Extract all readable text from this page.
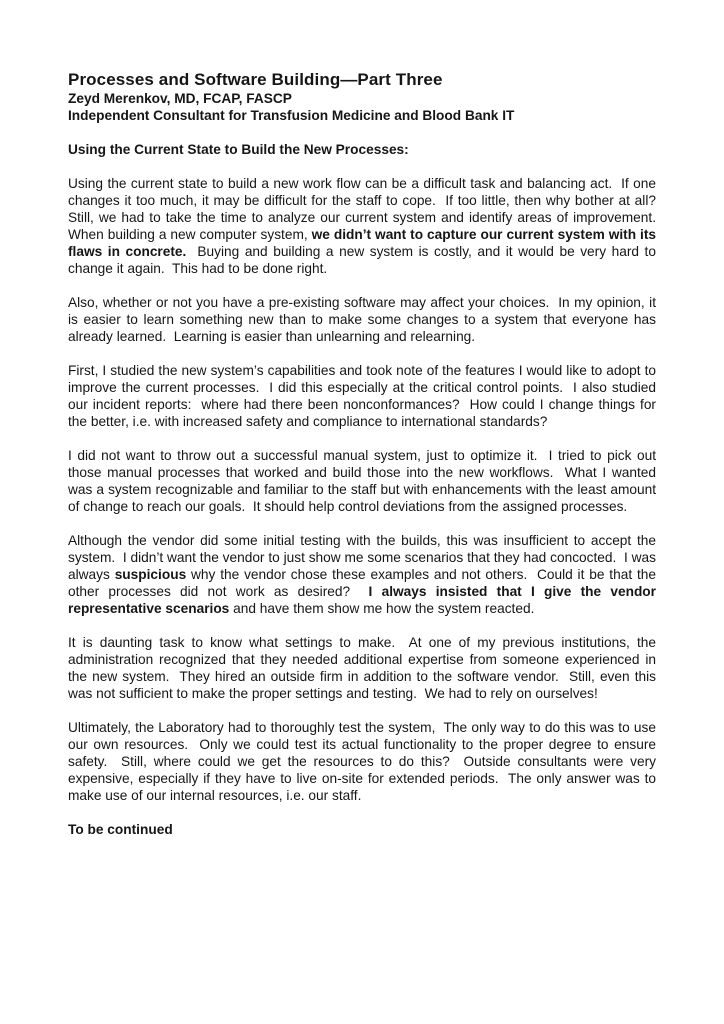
Processes and Software Building—Part Three

Zeyd Merenkov, MD, FCAP, FASCP

Independent Consultant for Transfusion Medicine and Blood Bank IT

Using the Current State to Build the New Processes:

Using the current state to build a new work flow can be a difficult task and balancing act.  If one changes it too much, it may be difficult for the staff to cope.  If too little, then why bother at all?  Still, we had to take the time to analyze our current system and identify areas of improvement.  When building a new computer system, we didn’t want to capture our current system with its flaws in concrete.  Buying and building a new system is costly, and it would be very hard to change it again.  This had to be done right.

Also, whether or not you have a pre-existing software may affect your choices.  In my opinion, it is easier to learn something new than to make some changes to a system that everyone has already learned.  Learning is easier than unlearning and relearning.

First, I studied the new system’s capabilities and took note of the features I would like to adopt to improve the current processes.  I did this especially at the critical control points.  I also studied our incident reports:  where had there been nonconformances?  How could I change things for the better, i.e. with increased safety and compliance to international standards?

I did not want to throw out a successful manual system, just to optimize it.  I tried to pick out those manual processes that worked and build those into the new workflows.  What I wanted was a system recognizable and familiar to the staff but with enhancements with the least amount of change to reach our goals.  It should help control deviations from the assigned processes.

Although the vendor did some initial testing with the builds, this was insufficient to accept the system.  I didn’t want the vendor to just show me some scenarios that they had concocted.  I was always suspicious why the vendor chose these examples and not others.  Could it be that the other processes did not work as desired?  I always insisted that I give the vendor representative scenarios and have them show me how the system reacted.

It is daunting task to know what settings to make.  At one of my previous institutions, the administration recognized that they needed additional expertise from someone experienced in the new system.  They hired an outside firm in addition to the software vendor.  Still, even this was not sufficient to make the proper settings and testing.  We had to rely on ourselves!

Ultimately, the Laboratory had to thoroughly test the system,  The only way to do this was to use our own resources.  Only we could test its actual functionality to the proper degree to ensure safety.  Still, where could we get the resources to do this?  Outside consultants were very expensive, especially if they have to live on-site for extended periods.  The only answer was to make use of our internal resources, i.e. our staff.

To be continued
